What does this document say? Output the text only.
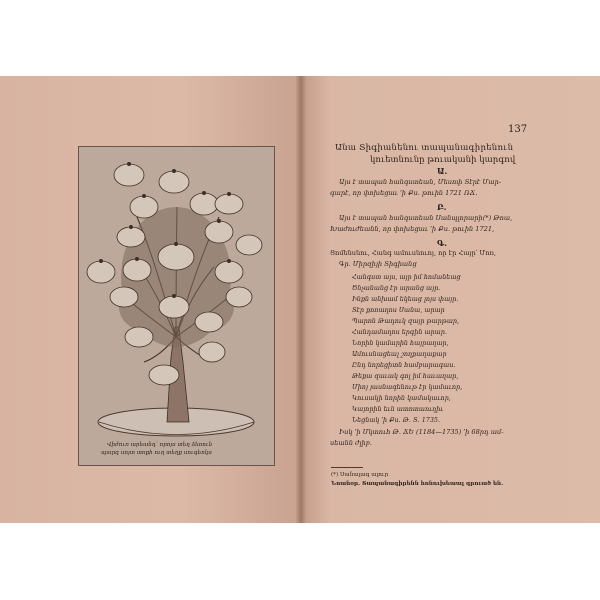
Վիժուռ արեանդ՝ որոյս տեղ ձեռուն
պարզ սոյտ տռքհ ուղ տեղք սուգեոկս
137
Անա Տիգիանենու տապանագիրենուն
կուետնունը թուականի կարգով
Ա.
Այս է տապան հանգստեան, Մեսոփ Տէրէ Մար-
գարէ, որ փոխեցաւ ՚ի Քս. թուին 1721 ՌՃ.
Բ.
Այս է տապան հանգստեան Սանպլորարի(*) Թոա,
Խաժուժեանն, որ փոխեցաւ ՚ի Քս. թուին 1721,
Գ.
Ցոմենսնու, Հանգ ամուսնուոյ, որ էր Հայր՛ Մոռ,
Գր. Միրզիյի Տիգիանց
Հանգստ այս, այր իմ հոմանեաց
Ծնչանանց էր արանց այր.
Ինքն անխամ եկեաց լոյս փայր.
Տէր քոռաղոս Սանա, արար
Պարոն Թադուկ զայր թարթար,
Հանդամաղոս երգին արար.
Նորին կամարին հայրաղար,
Ամուսնացեալ շողքաղաքար
Ընդ նորեցիտն համբարագաս.
Թեքա զաւակ գոլ իմ հաւաղար,
Միոյ յասնագենութ էր կամաւոր,
Կուսակի նորին կամակաւոր,
Կայորին եւն ատոտաուղիւ
Նեցնակ ՚ի Քս. Թ. Տ. 1735.
Իսկ ՚ի Մկտուհ Թ. ՃԵ (1184—1735) ՚ի 68րդ ամ-
սեանն ժլիբ.
(*) Սանալագ ալուր
Նոանօր. Տապանագիրենն հոնուխեաալ գրուած են.
